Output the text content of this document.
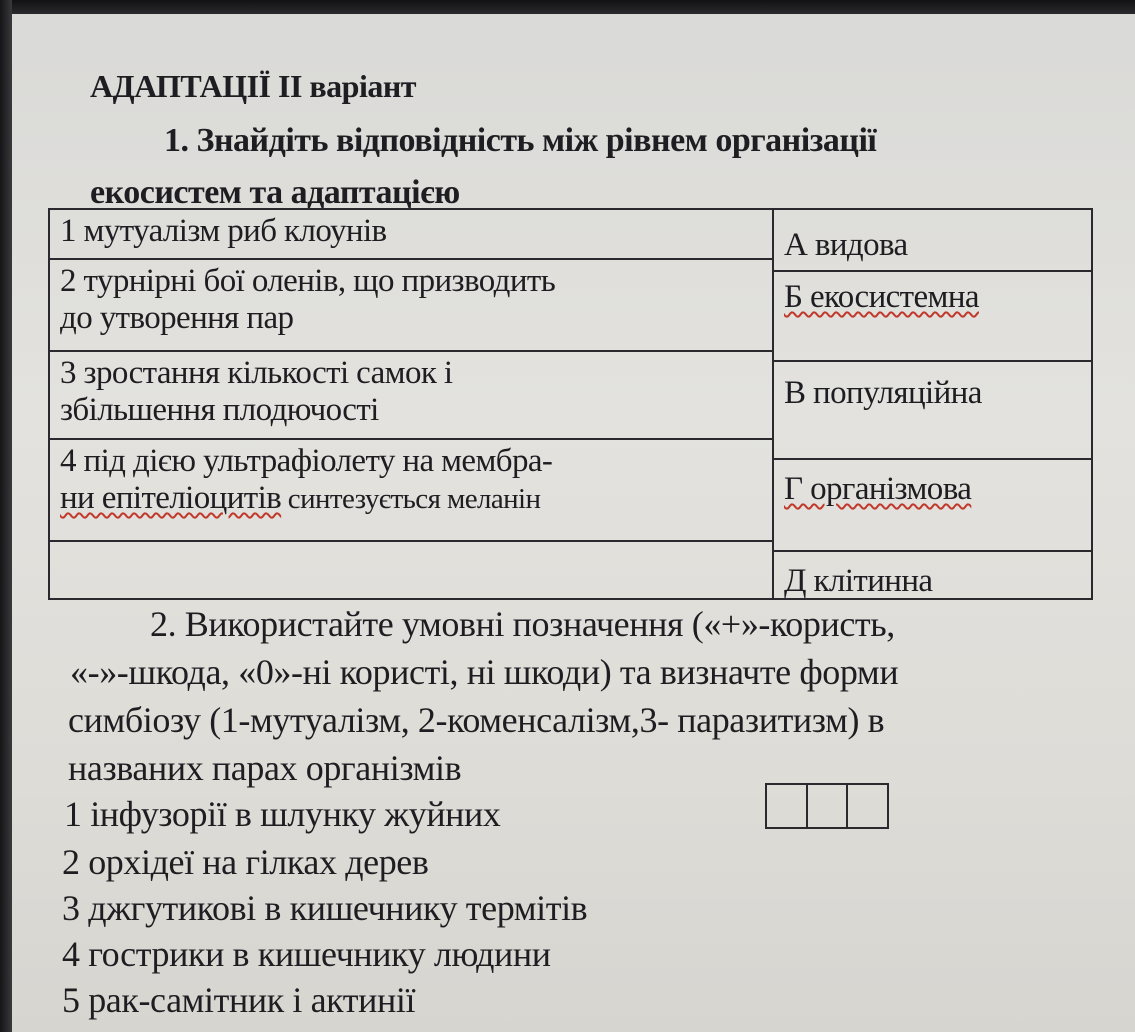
АДАПТАЦІЇ ІІ варіант
1. Знайдіть відповідність між рівнем організації
екосистем та адаптацією
1 мутуалізм риб клоунів
2 турнірні бої оленів, що призводить
до утворення пар
3 зростання кількості самок і
збільшення плодючості
4 під дією ультрафіолету на мембра-
ни епітеліоцитів синтезується меланін
А видова
Б екосистемна
В популяційна
Г організмова
Д клітинна
2. Використайте умовні позначення («+»-користь,
«-»-шкода, «0»-ні користі, ні шкоди) та визначте форми
симбіозу (1-мутуалізм, 2-коменсалізм,3- паразитизм) в
названих парах організмів
1 інфузорії в шлунку жуйних
2 орхідеї на гілках дерев
3 джгутикові в кишечнику термітів
4 гострики в кишечнику людини
5 рак-самітник і актинії
